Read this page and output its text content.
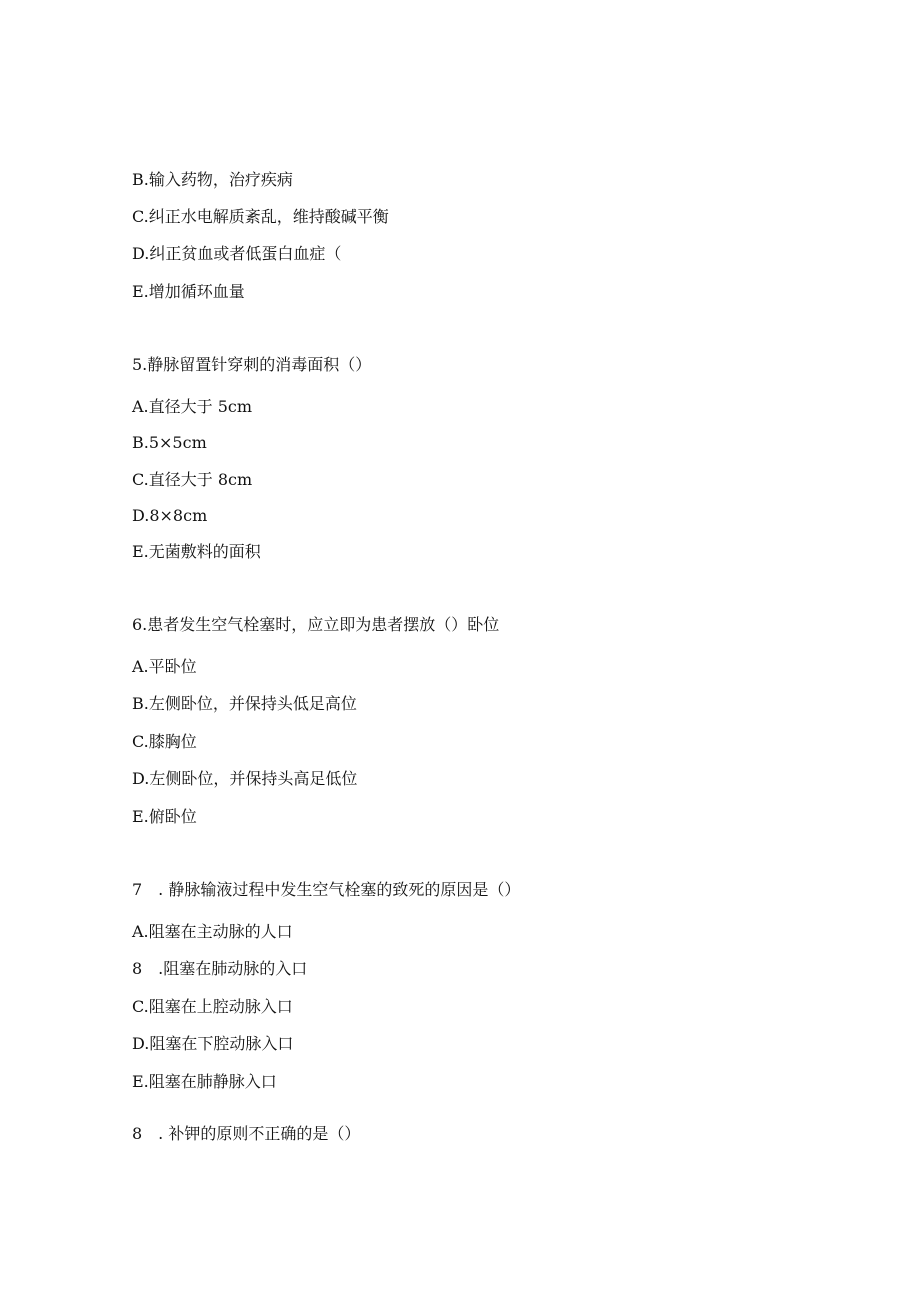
B.输入药物，治疗疾病
C.纠正水电解质紊乱，维持酸碱平衡
D.纠正贫血或者低蛋白血症（
E.增加循环血量
5.静脉留置针穿刺的消毒面积（）
A.直径大于 5cm
B.5×5cm
C.直径大于 8cm
D.8×8cm
E.无菌敷料的面积
6.患者发生空气栓塞时，应立即为患者摆放（）卧位
A.平卧位
B.左侧卧位，并保持头低足高位
C.膝胸位
D.左侧卧位，并保持头高足低位
E.俯卧位
7　. 静脉输液过程中发生空气栓塞的致死的原因是（）
A.阻塞在主动脉的人口
8　.阻塞在肺动脉的入口
C.阻塞在上腔动脉入口
D.阻塞在下腔动脉入口
E.阻塞在肺静脉入口
8　. 补钾的原则不正确的是（）
